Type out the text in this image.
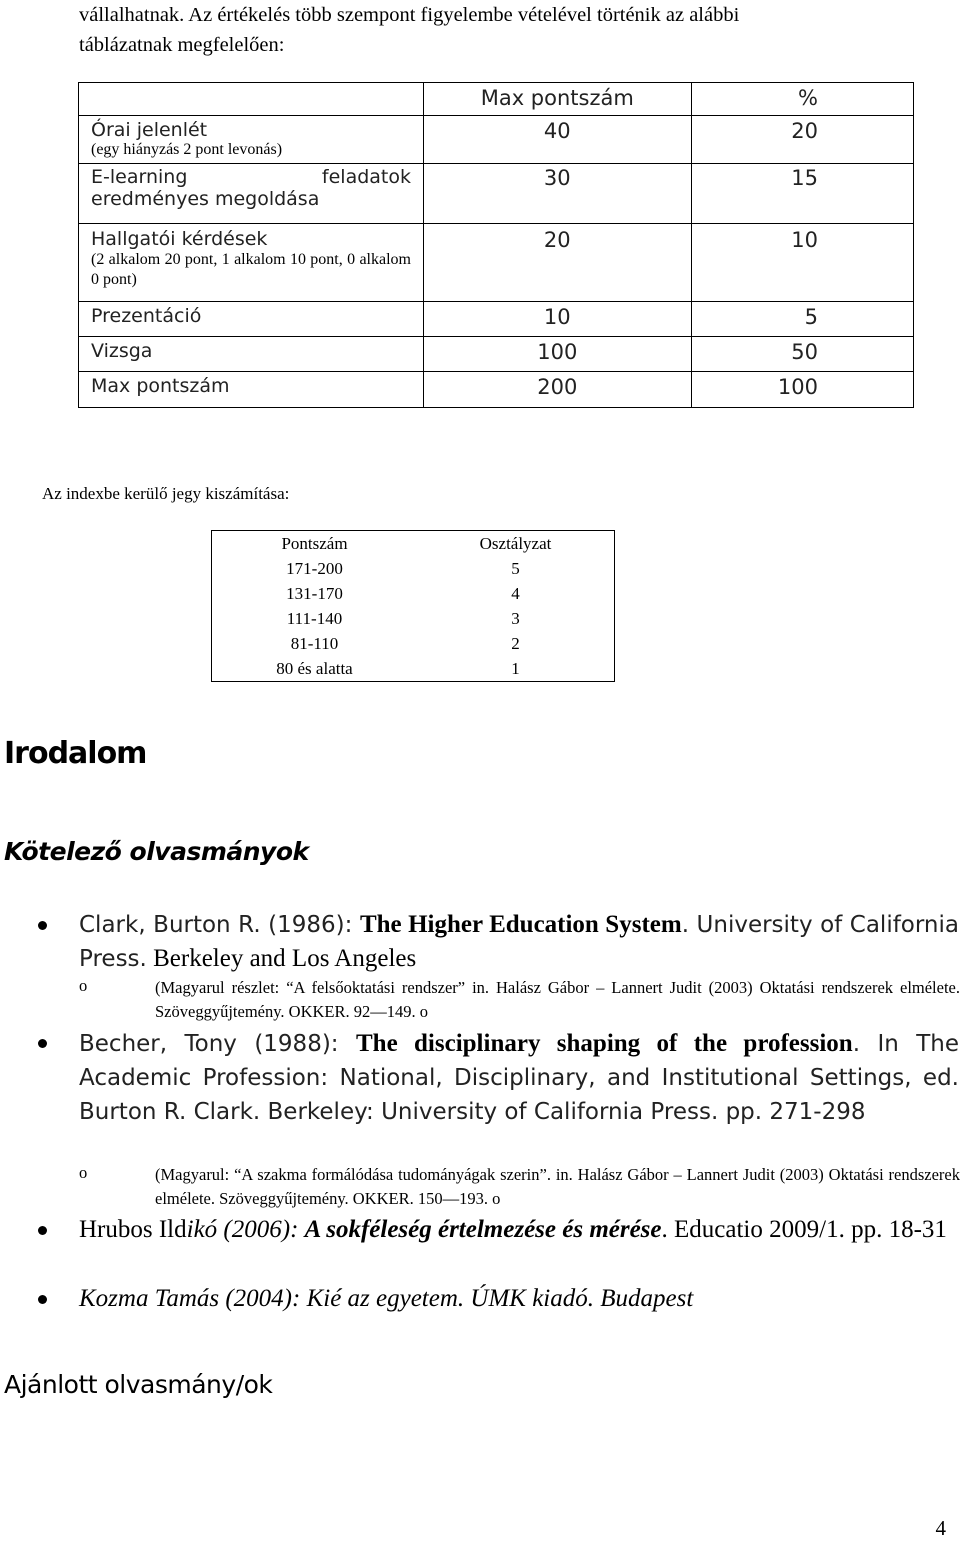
vállalhatnak. Az értékelés több szempont figyelembe vételével történik az alábbi
táblázatnak megfelelően:
	Max pontszám	%

Órai jelenlét
(egy hiányzás 2 pont levonás)	40	20

E-learning feladatok
eredményes megoldása	30	15

Hallgatói kérdések
(2 alkalom 20 pont, 1 alkalom 10 pont, 0 alkalom 0 pont)	20	10
Prezentáció	10	5
Vizsga	100	50
Max pontszám	200	100
Az indexbe kerülő jegy kiszámítása:
Pontszám	Osztályzat
171-200	5
131-170	4
111-140	3
81-110	2
80 és alatta	1
Irodalom
Kötelező olvasmányok
Clark, Burton R. (1986): The Higher Education System. University of California Press. Berkeley and Los Angeles
o	(Magyarul részlet: “A felsőoktatási rendszer” in. Halász Gábor – Lannert Judit (2003) Oktatási rendszerek elmélete. Szöveggyűjtemény. OKKER. 92—149. o
Becher, Tony (1988): The disciplinary shaping of the profession. In The Academic Profession: National, Disciplinary, and Institutional Settings, ed. Burton R. Clark. Berkeley: University of California Press. pp. 271-298
o	(Magyarul: “A szakma formálódása tudományágak szerin”. in. Halász Gábor – Lannert Judit (2003) Oktatási rendszerek elmélete. Szöveggyűjtemény. OKKER. 150—193. o
Hrubos Ildikó (2006): A sokféleség értelmezése és mérése. Educatio 2009/1. pp. 18-31
Kozma Tamás (2004): Kié az egyetem. ÚMK kiadó. Budapest
Ajánlott olvasmány/ok
4
